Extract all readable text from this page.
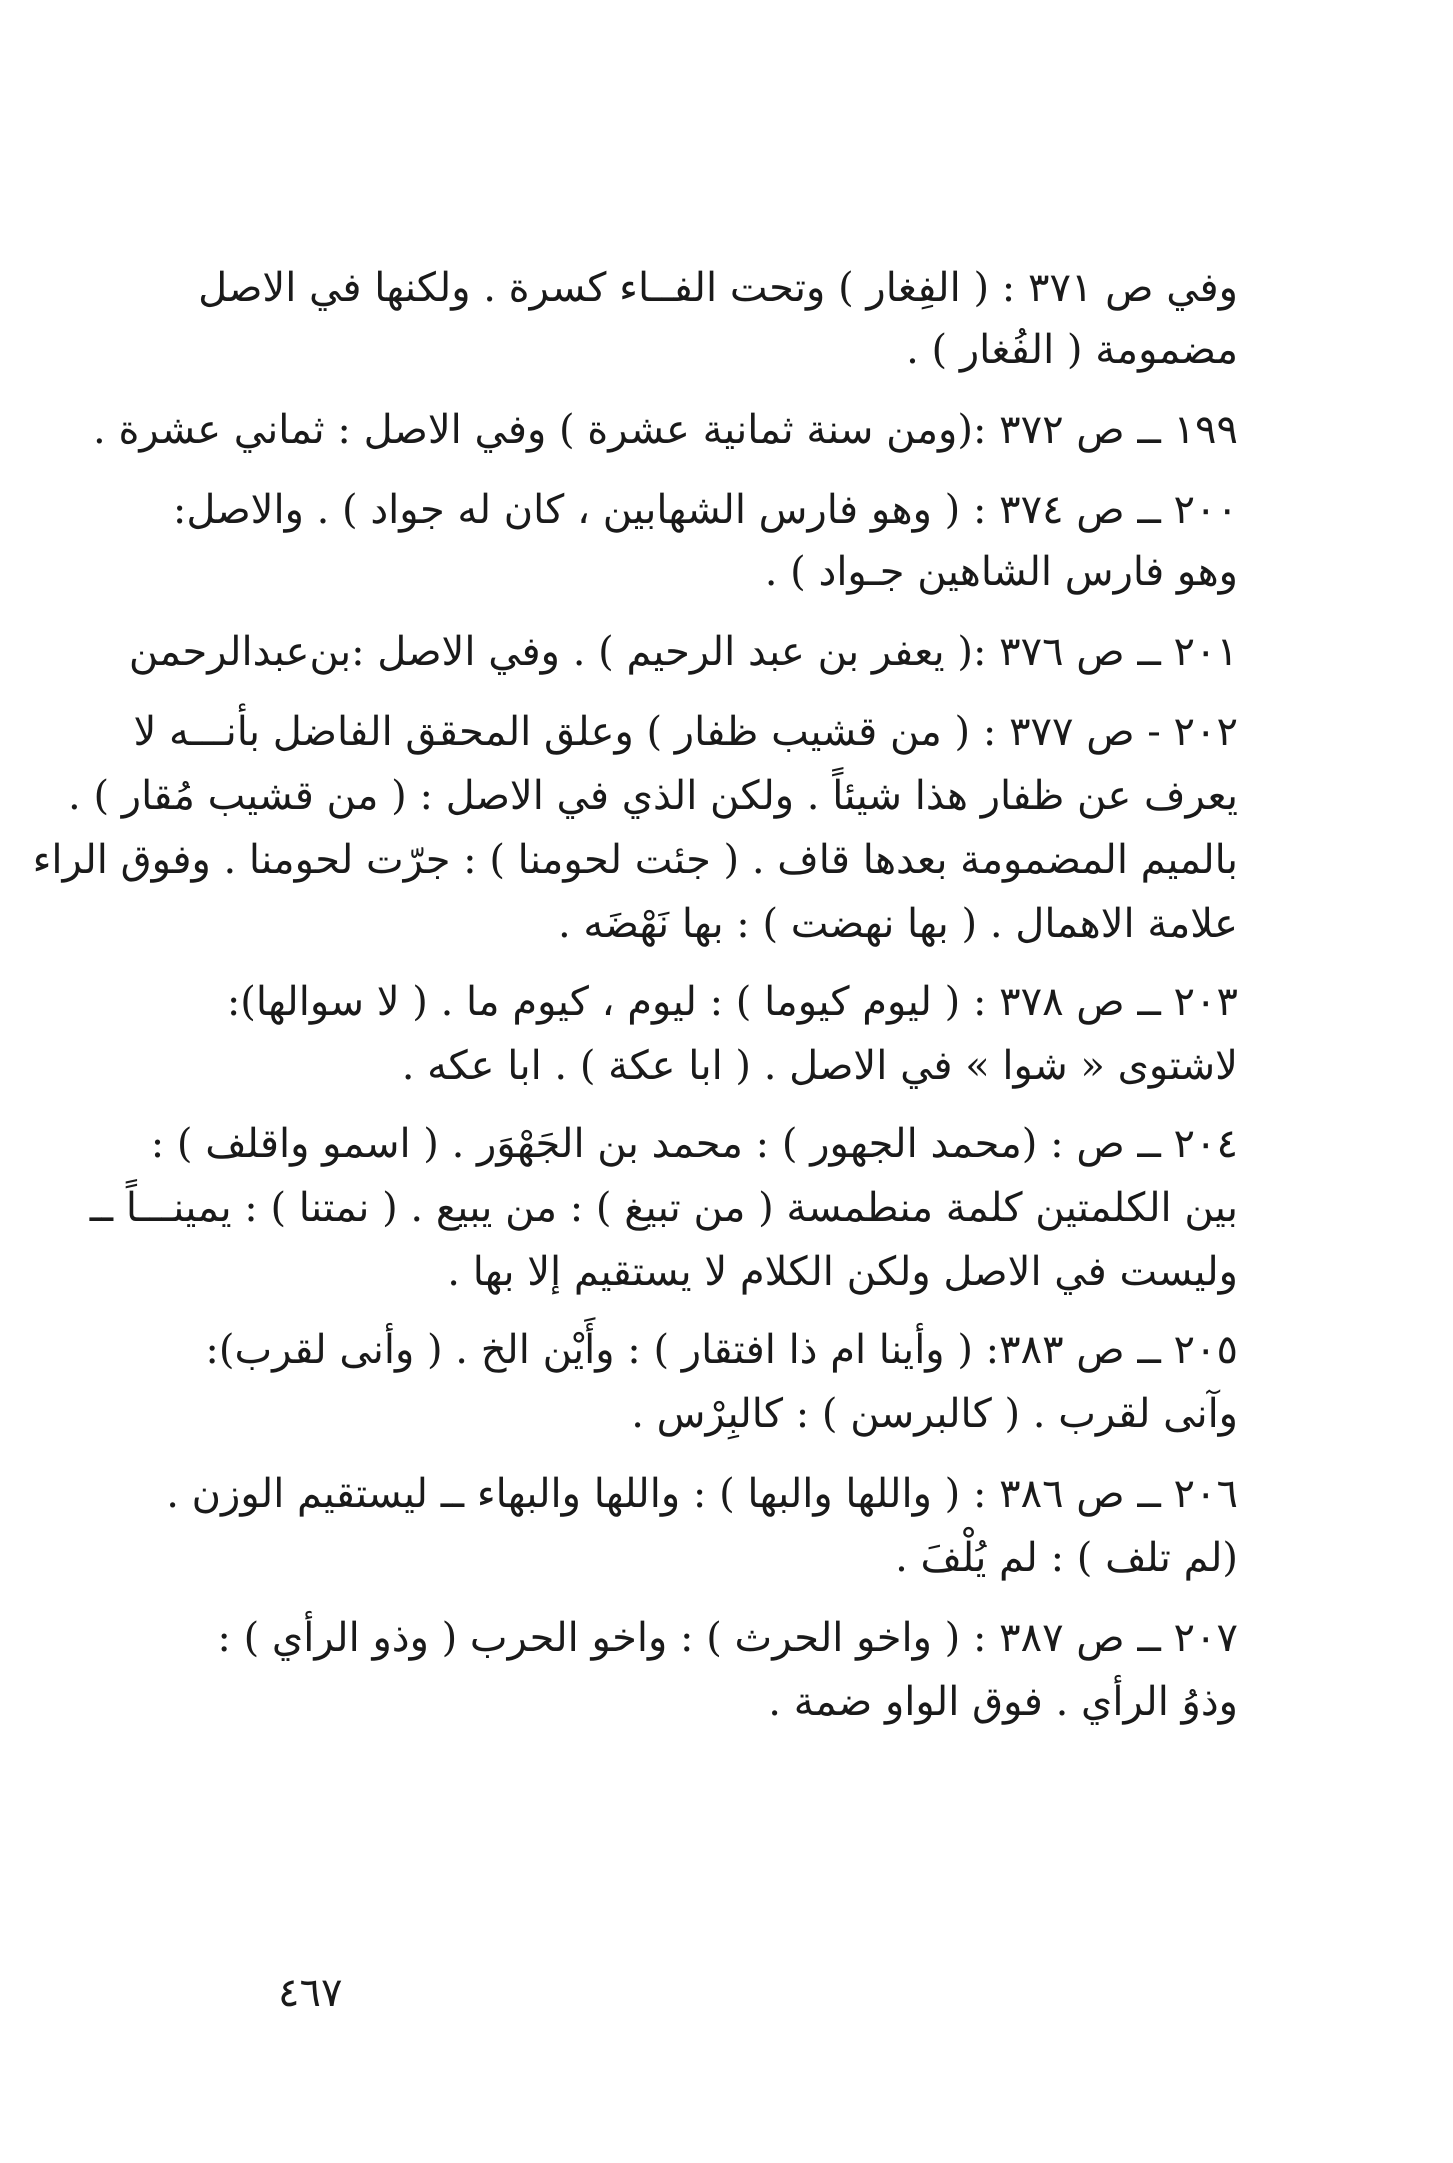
وفي ص ٣٧١ : ( الفِغار ) وتحت الفــاء كسرة . ولكنها في الاصل
مضمومة ( الفُغار ) .
١٩٩ ــ ص ٣٧٢ :(ومن سنة ثمانية عشرة ) وفي الاصل : ثماني عشرة .
٢٠٠ ــ ص ٣٧٤ : ( وهو فارس الشهابين ، كان له جواد ) . والاصل:
وهو فارس الشاهين جـواد ) .
٢٠١ ــ ص ٣٧٦ :( يعفر بن عبد الرحيم ) . وفي الاصل :بن‌عبدالرحمن
٢٠٢ - ص ٣٧٧ : ( من قشيب ظفار ) وعلق المحقق الفاضل بأنـــه لا
يعرف عن ظفار هذا شيئاً . ولكن الذي في الاصل : ( من قشيب مُقار ) .
بالميم المضمومة بعدها قاف . ( جئت لحومنا ) : جرّت لحومنا . وفوق الراء
علامة الاهمال . ( بها نهضت ) : بها نَهْضَه .
٢٠٣ ــ ص ٣٧٨ : ( ليوم كيوما ) : ليوم ، كيوم ما . ( لا سوالها):
لاشتوى « شوا » في الاصل . ( ابا عكة ) . ابا عكه .
٢٠٤ ــ ص : (محمد الجهور ) : محمد بن الجَهْوَر . ( اسمو واقلف ) :
بين الكلمتين كلمة منطمسة ( من تبيغ ) : من يبيع . ( نمتنا ) : يمينـــاً ــ
وليست في الاصل ولكن الكلام لا يستقيم إلا بها .
٢٠٥ ــ ص ٣٨٣: ( وأينا ام ذا افتقار ) : وأَيْن الخ . ( وأنى لقرب):
وآنى لقرب . ( كالبرسن ) : كالبِرْس .
٢٠٦ ــ ص ٣٨٦ : ( واللها والبها ) : واللها والبهاء ــ ليستقيم الوزن .
(لم تلف ) : لم يُلْفَ .
٢٠٧ ــ ص ٣٨٧ : ( واخو الحرث ) : واخو الحرب ( وذو الرأي ) :
وذوُ الرأي . فوق الواو ضمة .
٤٦٧
